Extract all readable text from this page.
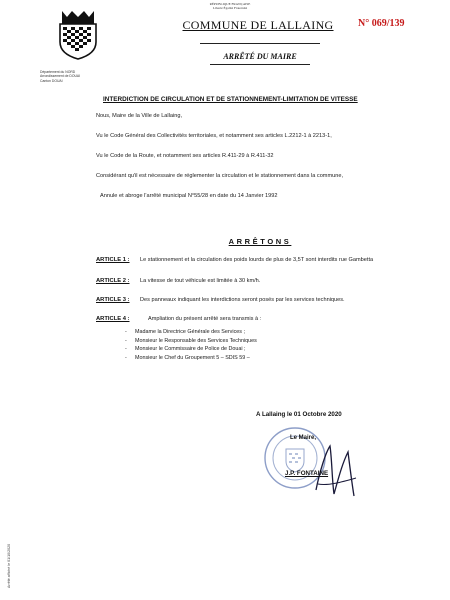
RÉPUBLIQUE FRANÇAISE
Liberté Égalité Fraternité
COMMUNE DE LALLAING	N° 069/139
ARRÊTÉ DU MAIRE
Département du NORD
Arrondissement de DOUAI
Canton DOUAI
INTERDICTION DE CIRCULATION ET DE STATIONNEMENT-LIMITATION DE VITESSE
Nous, Maire de la Ville de Lallaing,
Vu le Code Général des Collectivités territoriales, et notamment ses articles L.2212-1 à 2213-1,
Vu le Code de la Route, et notamment ses articles R.411-29 à R.411-32
Considérant qu'il est nécessaire de réglementer la circulation et le stationnement dans la commune,
Annule et abroge l'arrêté municipal N°55/28 en date du 14 Janvier 1992
ARRÊTONS
ARTICLE 1 : Le stationnement et la circulation des poids lourds de plus de 3,5T sont interdits rue Gambetta
ARTICLE 2 : La vitesse de tout véhicule est limitée à 30 km/h.
ARTICLE 3 : Des panneaux indiquant les interdictions seront posés par les services techniques.
ARTICLE 4 :	Ampliation du présent arrêté sera transmis à :
- Madame la Directrice Générale des Services ;
- Monsieur le Responsable des Services Techniques
- Monsieur le Commissaire de Police de Douai ;
- Monsieur le Chef du Groupement 5 – SDIS 59 –
A Lallaing le 01 Octobre 2020
Le Maire,
J.P. FONTAINE
Arrêté affiché le 01/10/2020
